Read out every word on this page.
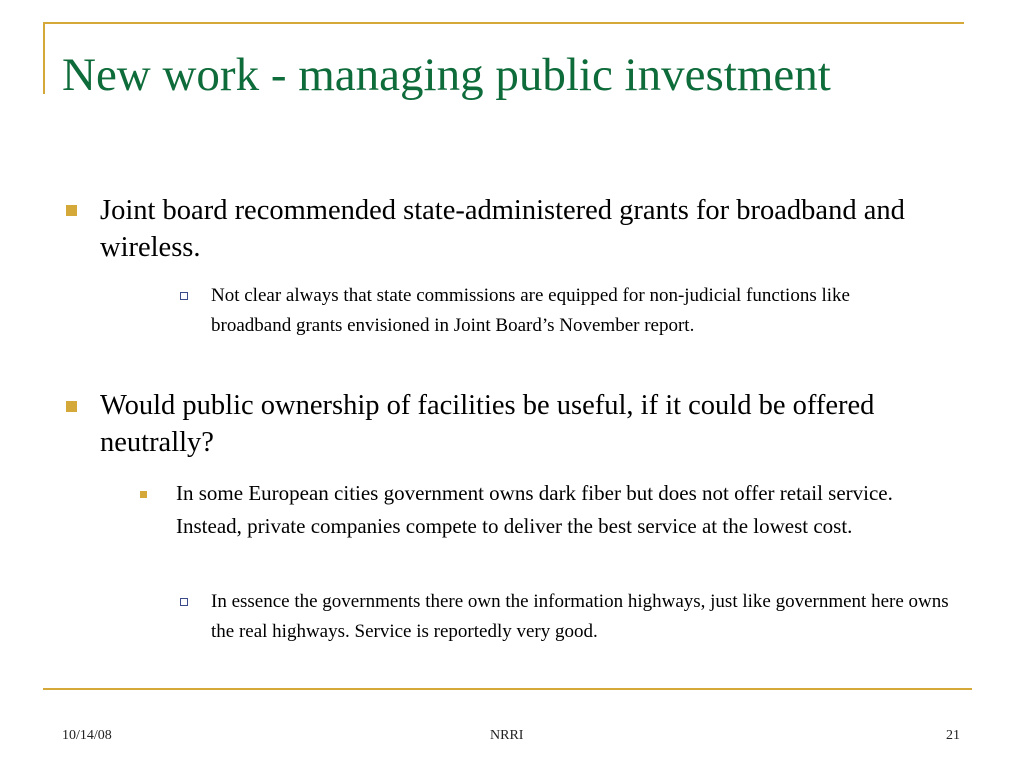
New work - managing public investment
Joint board recommended state-administered grants for broadband and wireless.
Not clear always that state commissions are equipped for non-judicial functions like broadband grants envisioned in Joint Board’s November report.
Would public ownership of facilities be useful, if it could be offered neutrally?
In some European cities government owns dark fiber but does not offer retail service. Instead, private companies compete to deliver the best service at the lowest cost.
In essence the governments there own the information highways, just like government here owns the real highways. Service is reportedly very good.
10/14/08	NRRI	21
